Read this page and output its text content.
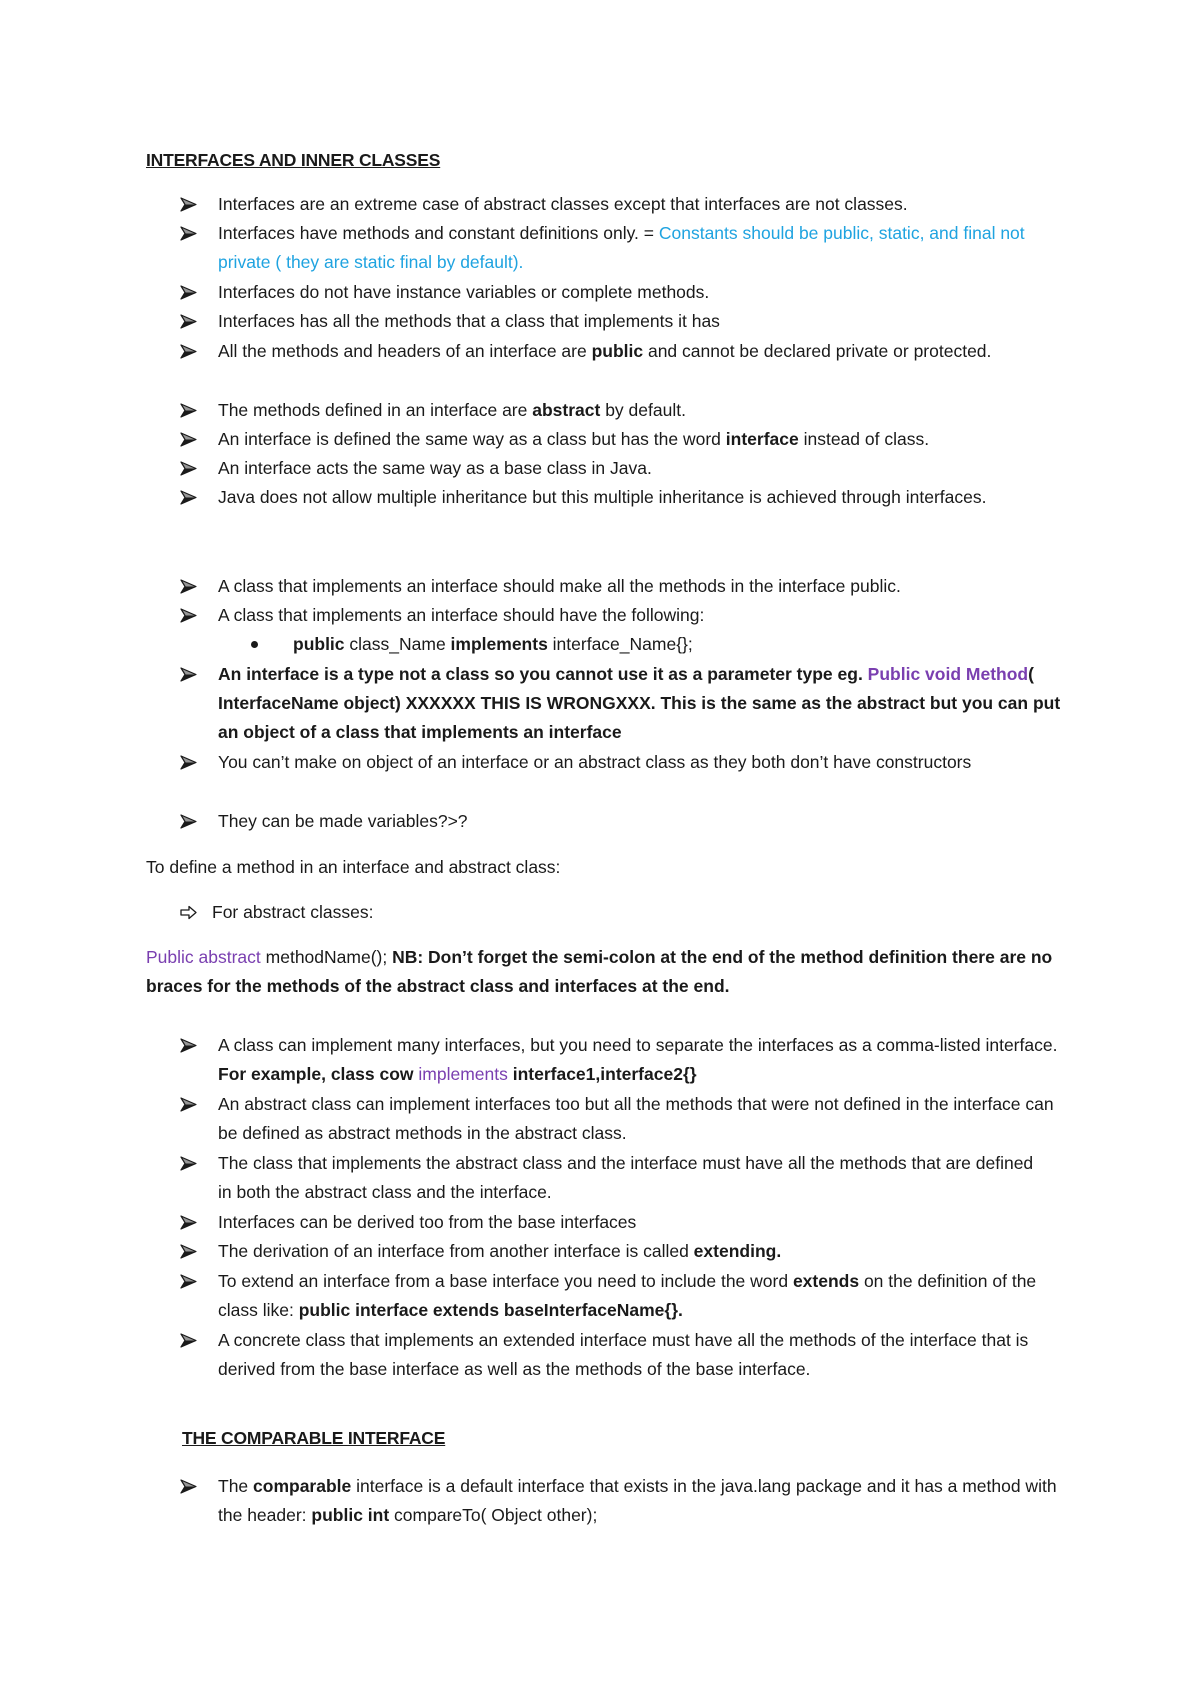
INTERFACES AND INNER CLASSES
Interfaces are an extreme case of abstract classes except that interfaces are not classes.
Interfaces have methods and constant definitions only. = Constants should be public, static, and final not private ( they are static final by default).
Interfaces do not have instance variables or complete methods.
Interfaces has all the methods that a class that implements it has
All the methods and headers of an interface are public and cannot be declared private or protected.
The methods defined in an interface are abstract by default.
An interface is defined the same way as a class but has the word interface instead of class.
An interface acts the same way as a base class in Java.
Java does not allow multiple inheritance but this multiple inheritance is achieved through interfaces.
A class that implements an interface should make all the methods in the interface public.
A class that implements an interface should have the following:
public class_Name implements interface_Name{};
An interface is a type not a class so you cannot use it as a parameter type eg. Public void Method( InterfaceName object) XXXXXX THIS IS WRONGXXX. This is the same as the abstract but you can put an object of a class that implements an interface
You can’t make on object of an interface or an abstract class as they both don’t have constructors
They can be made variables?>?
To define a method in an interface and abstract class:
For abstract classes:
Public abstract methodName(); NB: Don’t forget the semi-colon at the end of the method definition there are no braces for the methods of the abstract class and interfaces at the end.
A class can implement many interfaces, but you need to separate the interfaces as a comma-listed interface. For example, class cow implements interface1,interface2{}
An abstract class can implement interfaces too but all the methods that were not defined in the interface can be defined as abstract methods in the abstract class.
The class that implements the abstract class and the interface must have all the methods that are defined in both the abstract class and the interface.
Interfaces can be derived too from the base interfaces
The derivation of an interface from another interface is called extending.
To extend an interface from a base interface you need to include the word extends on the definition of the class like: public interface extends baseInterfaceName{}.
A concrete class that implements an extended interface must have all the methods of the interface that is derived from the base interface as well as the methods of the base interface.
THE COMPARABLE INTERFACE
The comparable interface is a default interface that exists in the java.lang package and it has a method with the header: public int compareTo( Object other);
